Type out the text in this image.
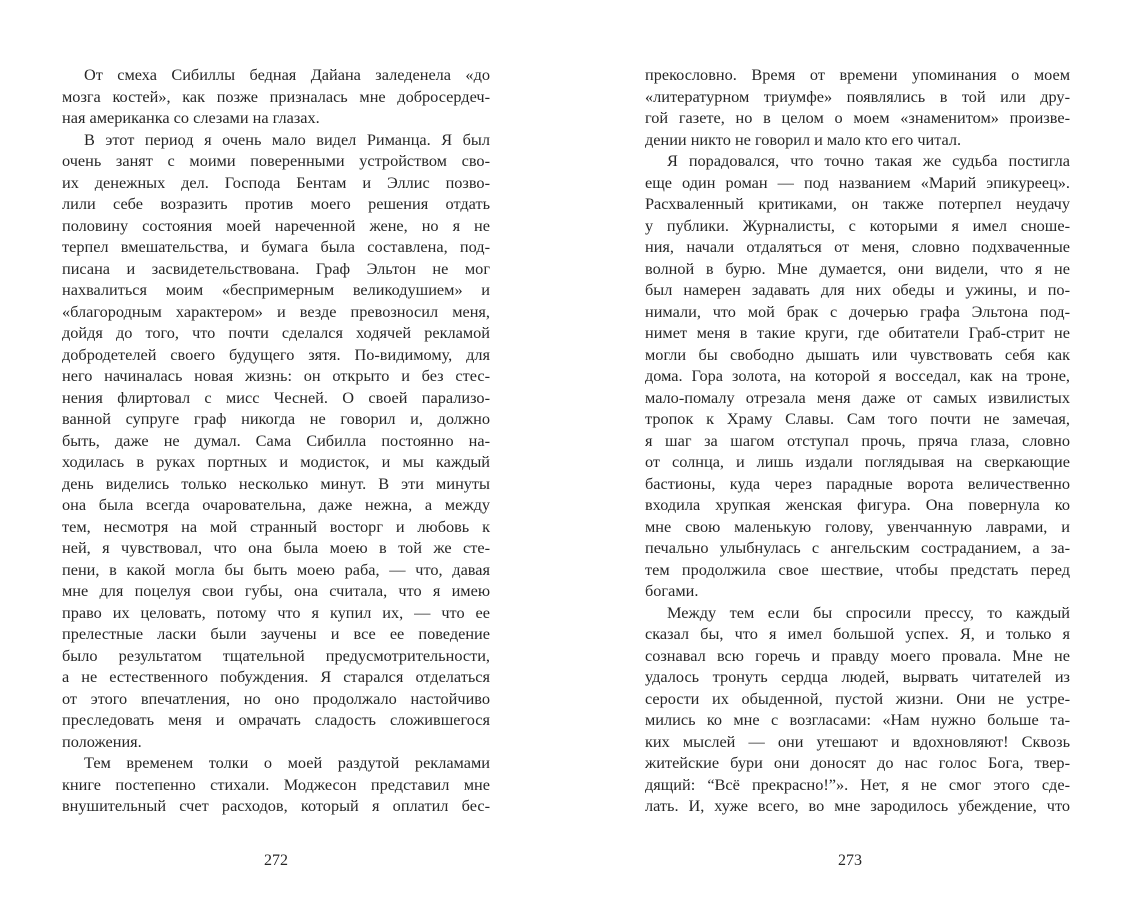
От смеха Сибиллы бедная Дайана заледенела «до
мозга костей», как позже призналась мне добросердеч-
ная американка со слезами на глазах.
В этот период я очень мало видел Риманца. Я был
очень занят с моими поверенными устройством сво-
их денежных дел. Господа Бентам и Эллис позво-
лили себе возразить против моего решения отдать
половину состояния моей нареченной жене, но я не
терпел вмешательства, и бумага была составлена, под-
писана и засвидетельствована. Граф Эльтон не мог
нахвалиться моим «беспримерным великодушием» и
«благородным характером» и везде превозносил меня,
дойдя до того, что почти сделался ходячей рекламой
добродетелей своего будущего зятя. По-видимому, для
него начиналась новая жизнь: он открыто и без стес-
нения флиртовал с мисс Чесней. О своей парализо-
ванной супруге граф никогда не говорил и, должно
быть, даже не думал. Сама Сибилла постоянно на-
ходилась в руках портных и модисток, и мы каждый
день виделись только несколько минут. В эти минуты
она была всегда очаровательна, даже нежна, а между
тем, несмотря на мой странный восторг и любовь к
ней, я чувствовал, что она была моею в той же сте-
пени, в какой могла бы быть моею раба, — что, давая
мне для поцелуя свои губы, она считала, что я имею
право их целовать, потому что я купил их, — что ее
прелестные ласки были заучены и все ее поведение
было результатом тщательной предусмотрительности,
а не естественного побуждения. Я старался отделаться
от этого впечатления, но оно продолжало настойчиво
преследовать меня и омрачать сладость сложившегося
положения.
Тем временем толки о моей раздутой рекламами
книге постепенно стихали. Моджесон представил мне
внушительный счет расходов, который я оплатил бес-
прекословно. Время от времени упоминания о моем
«литературном триумфе» появлялись в той или дру-
гой газете, но в целом о моем «знаменитом» произве-
дении никто не говорил и мало кто его читал.
Я порадовался, что точно такая же судьба постигла
еще один роман — под названием «Марий эпикуреец».
Расхваленный критиками, он также потерпел неудачу
у публики. Журналисты, с которыми я имел сноше-
ния, начали отдаляться от меня, словно подхваченные
волной в бурю. Мне думается, они видели, что я не
был намерен задавать для них обеды и ужины, и по-
нимали, что мой брак с дочерью графа Эльтона под-
нимет меня в такие круги, где обитатели Граб-стрит не
могли бы свободно дышать или чувствовать себя как
дома. Гора золота, на которой я восседал, как на троне,
мало-помалу отрезала меня даже от самых извилистых
тропок к Храму Славы. Сам того почти не замечая,
я шаг за шагом отступал прочь, пряча глаза, словно
от солнца, и лишь издали поглядывая на сверкающие
бастионы, куда через парадные ворота величественно
входила хрупкая женская фигура. Она повернула ко
мне свою маленькую голову, увенчанную лаврами, и
печально улыбнулась с ангельским состраданием, а за-
тем продолжила свое шествие, чтобы предстать перед
богами.
Между тем если бы спросили прессу, то каждый
сказал бы, что я имел большой успех. Я, и только я
сознавал всю горечь и правду моего провала. Мне не
удалось тронуть сердца людей, вырвать читателей из
серости их обыденной, пустой жизни. Они не устре-
мились ко мне с возгласами: «Нам нужно больше та-
ких мыслей — они утешают и вдохновляют! Сквозь
житейские бури они доносят до нас голос Бога, твер-
дящий: “Всё прекрасно!”». Нет, я не смог этого сде-
лать. И, хуже всего, во мне зародилось убеждение, что
272	273
